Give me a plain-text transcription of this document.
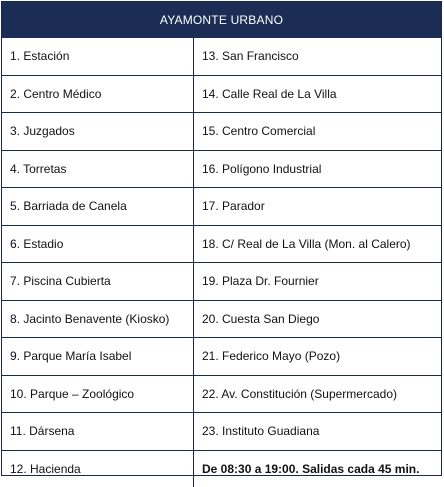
AYAMONTE URBANO
1. Estación	13. San Francisco
2. Centro Médico	14. Calle Real de La Villa
3. Juzgados	15. Centro Comercial
4. Torretas	16. Polígono Industrial
5. Barriada de Canela	17. Parador
6. Estadio	18. C/ Real de La Villa (Mon. al Calero)
7. Piscina Cubierta	19. Plaza Dr. Fournier
8. Jacinto Benavente (Kiosko)	20. Cuesta San Diego
9. Parque María Isabel	21. Federico Mayo (Pozo)
10. Parque – Zoológico	22. Av. Constitución (Supermercado)
11. Dársena	23. Instituto Guadiana
12. Hacienda	De 08:30 a 19:00. Salidas cada 45 min.
